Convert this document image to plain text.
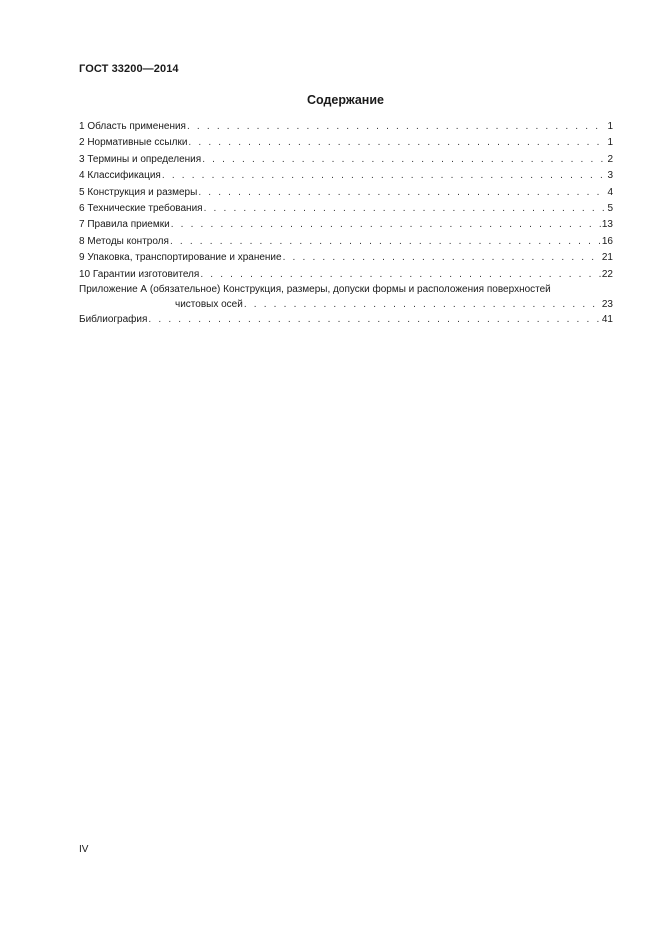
ГОСТ 33200—2014
Содержание
1 Область применения . . .	1
2 Нормативные ссылки . . .	1
3 Термины и определения . . .	2
4 Классификация . . .	3
5 Конструкция и размеры . . .	4
6 Технические требования . . .	5
7 Правила приемки . . .	13
8 Методы контроля . . .	16
9 Упаковка, транспортирование и хранение . . .	21
10 Гарантии изготовителя . . .	22
Приложение А (обязательное) Конструкция, размеры, допуски формы и расположения поверхностей
чистовых осей . . .	23
Библиография . . .	41
IV
